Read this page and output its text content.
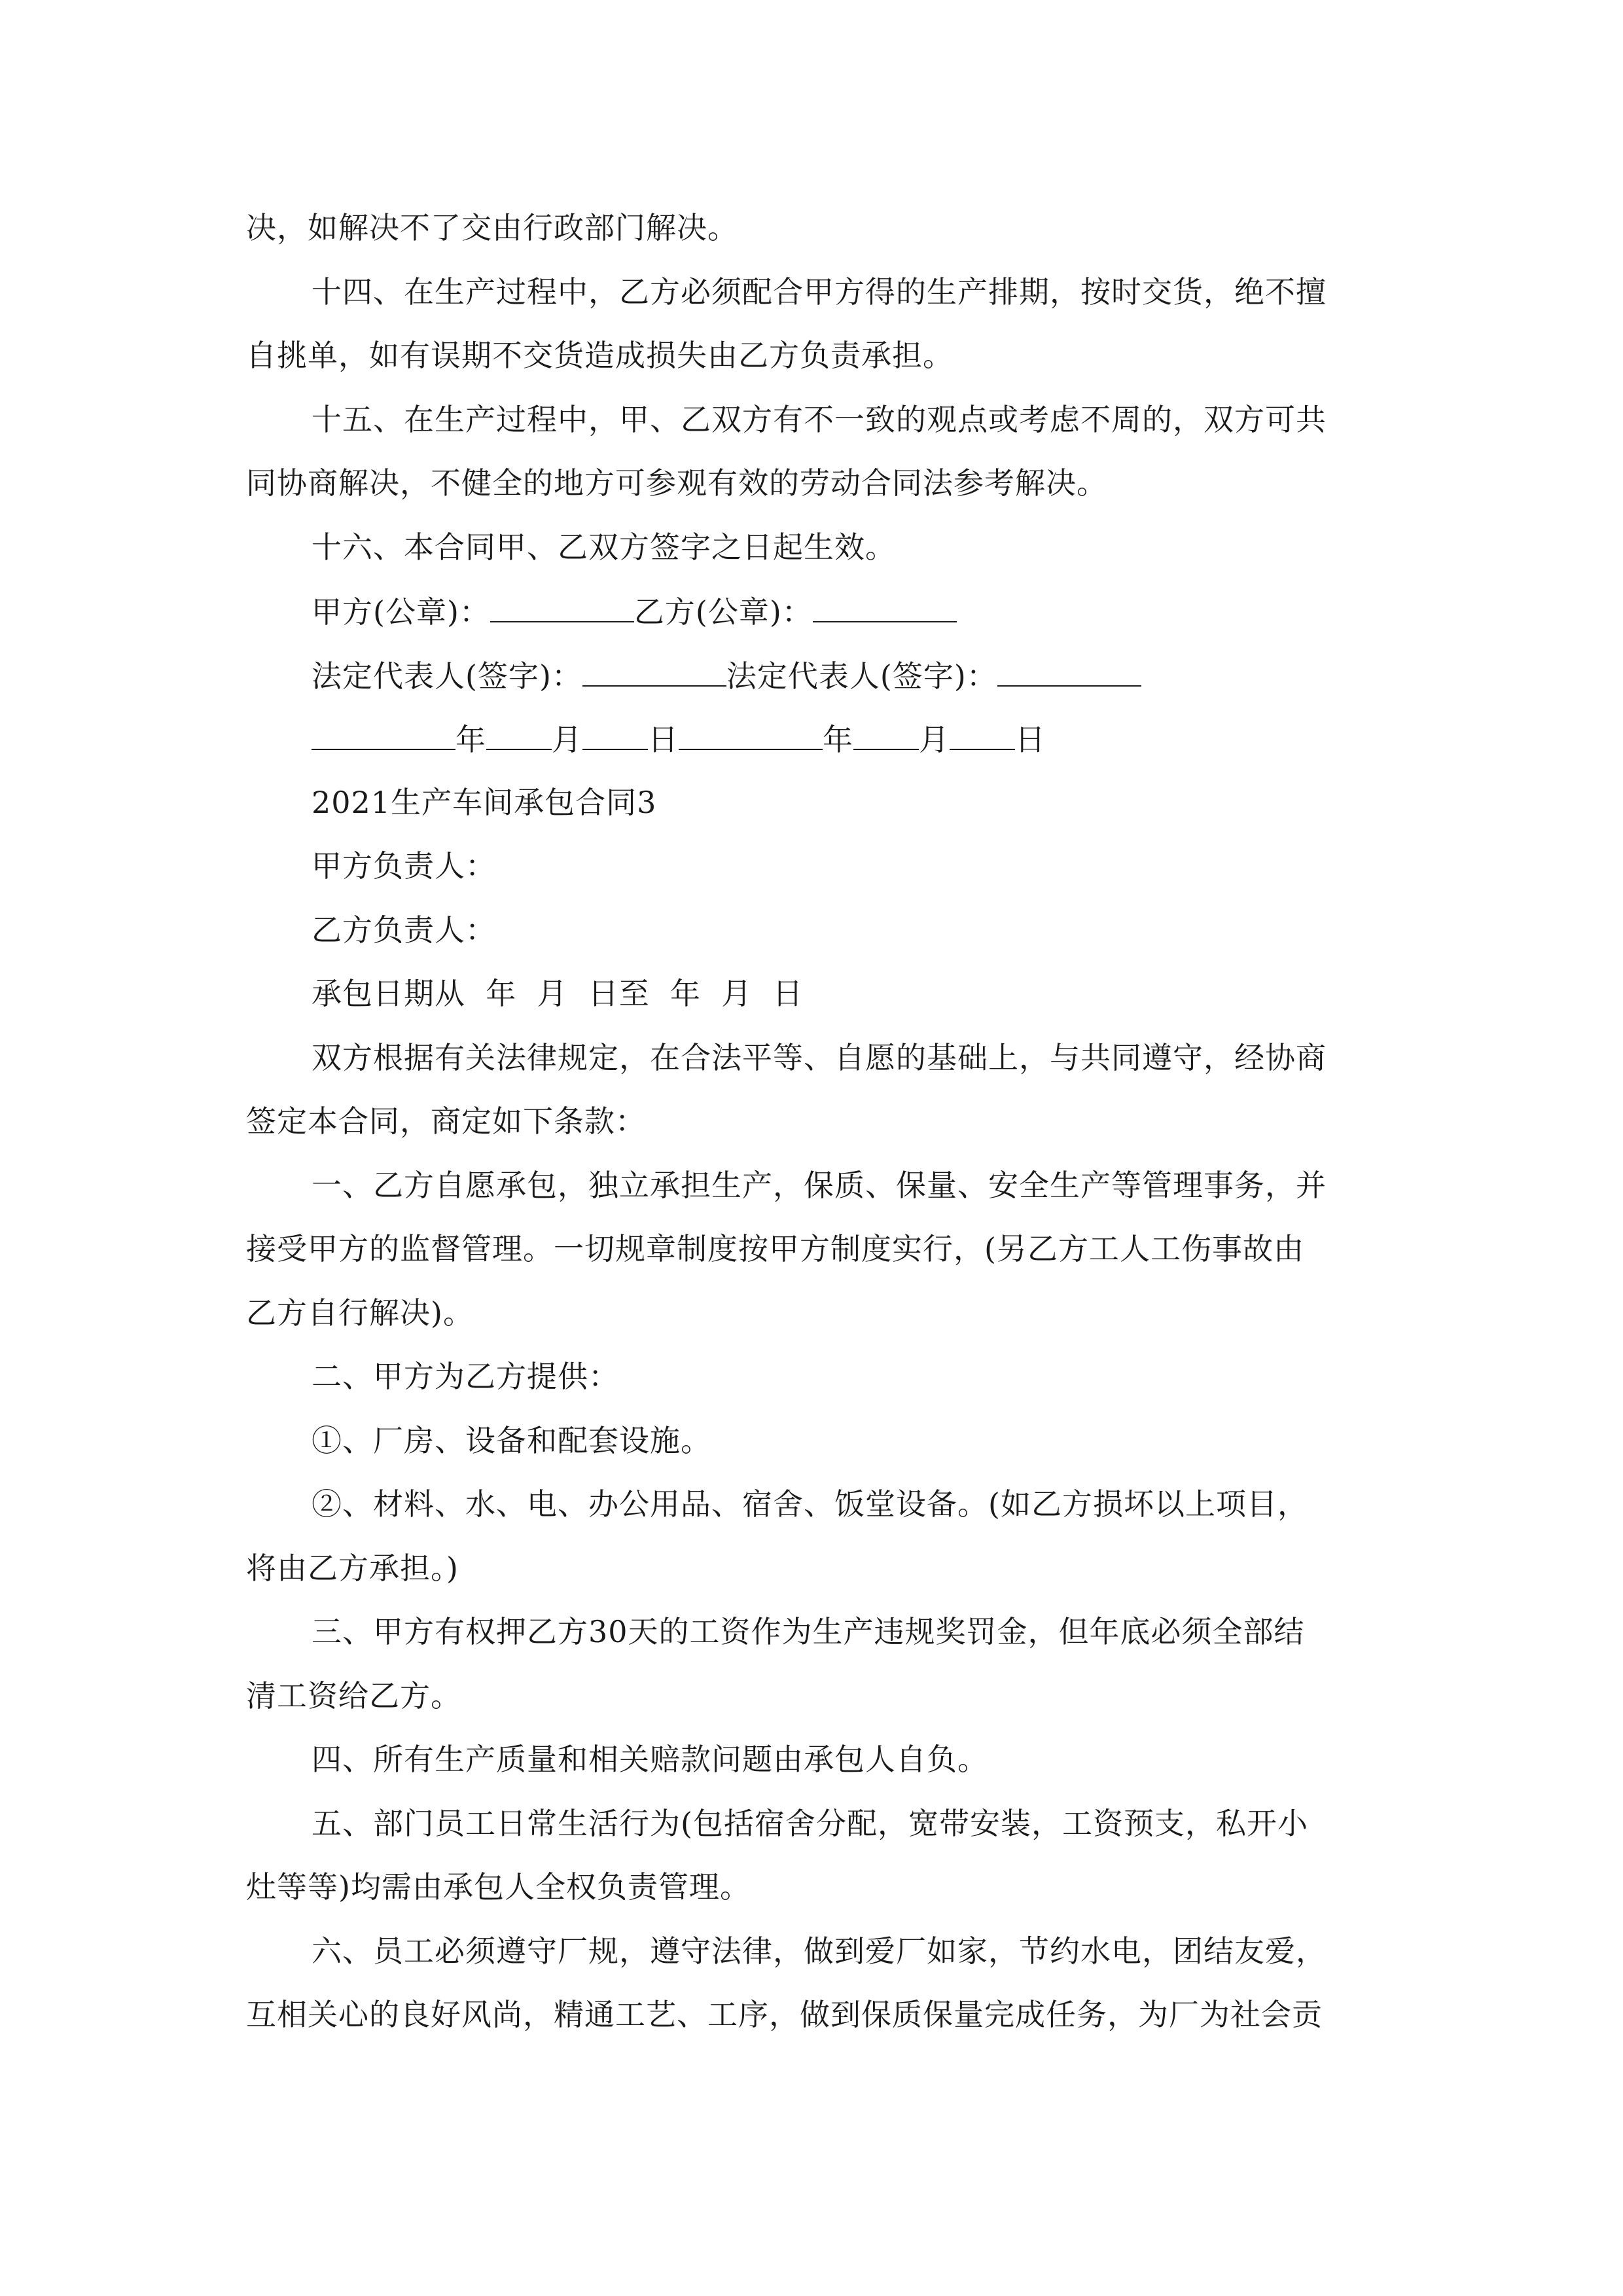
决，如解决不了交由行政部门解决。

十四、在生产过程中，乙方必须配合甲方得的生产排期，按时交货，绝不擅

自挑单，如有误期不交货造成损失由乙方负责承担。

十五、在生产过程中，甲、乙双方有不一致的观点或考虑不周的，双方可共

同协商解决，不健全的地方可参观有效的劳动合同法参考解决。

十六、本合同甲、乙双方签字之日起生效。

甲方(公章)：	乙方(公章)：

法定代表人(签字)：	法定代表人(签字)：

年 月 日	年 月 日

2021生产车间承包合同3

甲方负责人：

乙方负责人：

承包日期从  年  月  日至  年  月  日

双方根据有关法律规定，在合法平等、自愿的基础上，与共同遵守，经协商

签定本合同，商定如下条款：

一、乙方自愿承包，独立承担生产，保质、保量、安全生产等管理事务，并

接受甲方的监督管理。一切规章制度按甲方制度实行，(另乙方工人工伤事故由

乙方自行解决)。

二、甲方为乙方提供：

①、厂房、设备和配套设施。

②、材料、水、电、办公用品、宿舍、饭堂设备。(如乙方损坏以上项目，

将由乙方承担。)

三、甲方有权押乙方30天的工资作为生产违规奖罚金，但年底必须全部结

清工资给乙方。

四、所有生产质量和相关赔款问题由承包人自负。

五、部门员工日常生活行为(包括宿舍分配，宽带安装，工资预支，私开小

灶等等)均需由承包人全权负责管理。

六、员工必须遵守厂规，遵守法律，做到爱厂如家，节约水电，团结友爱，

互相关心的良好风尚，精通工艺、工序，做到保质保量完成任务，为厂为社会贡
